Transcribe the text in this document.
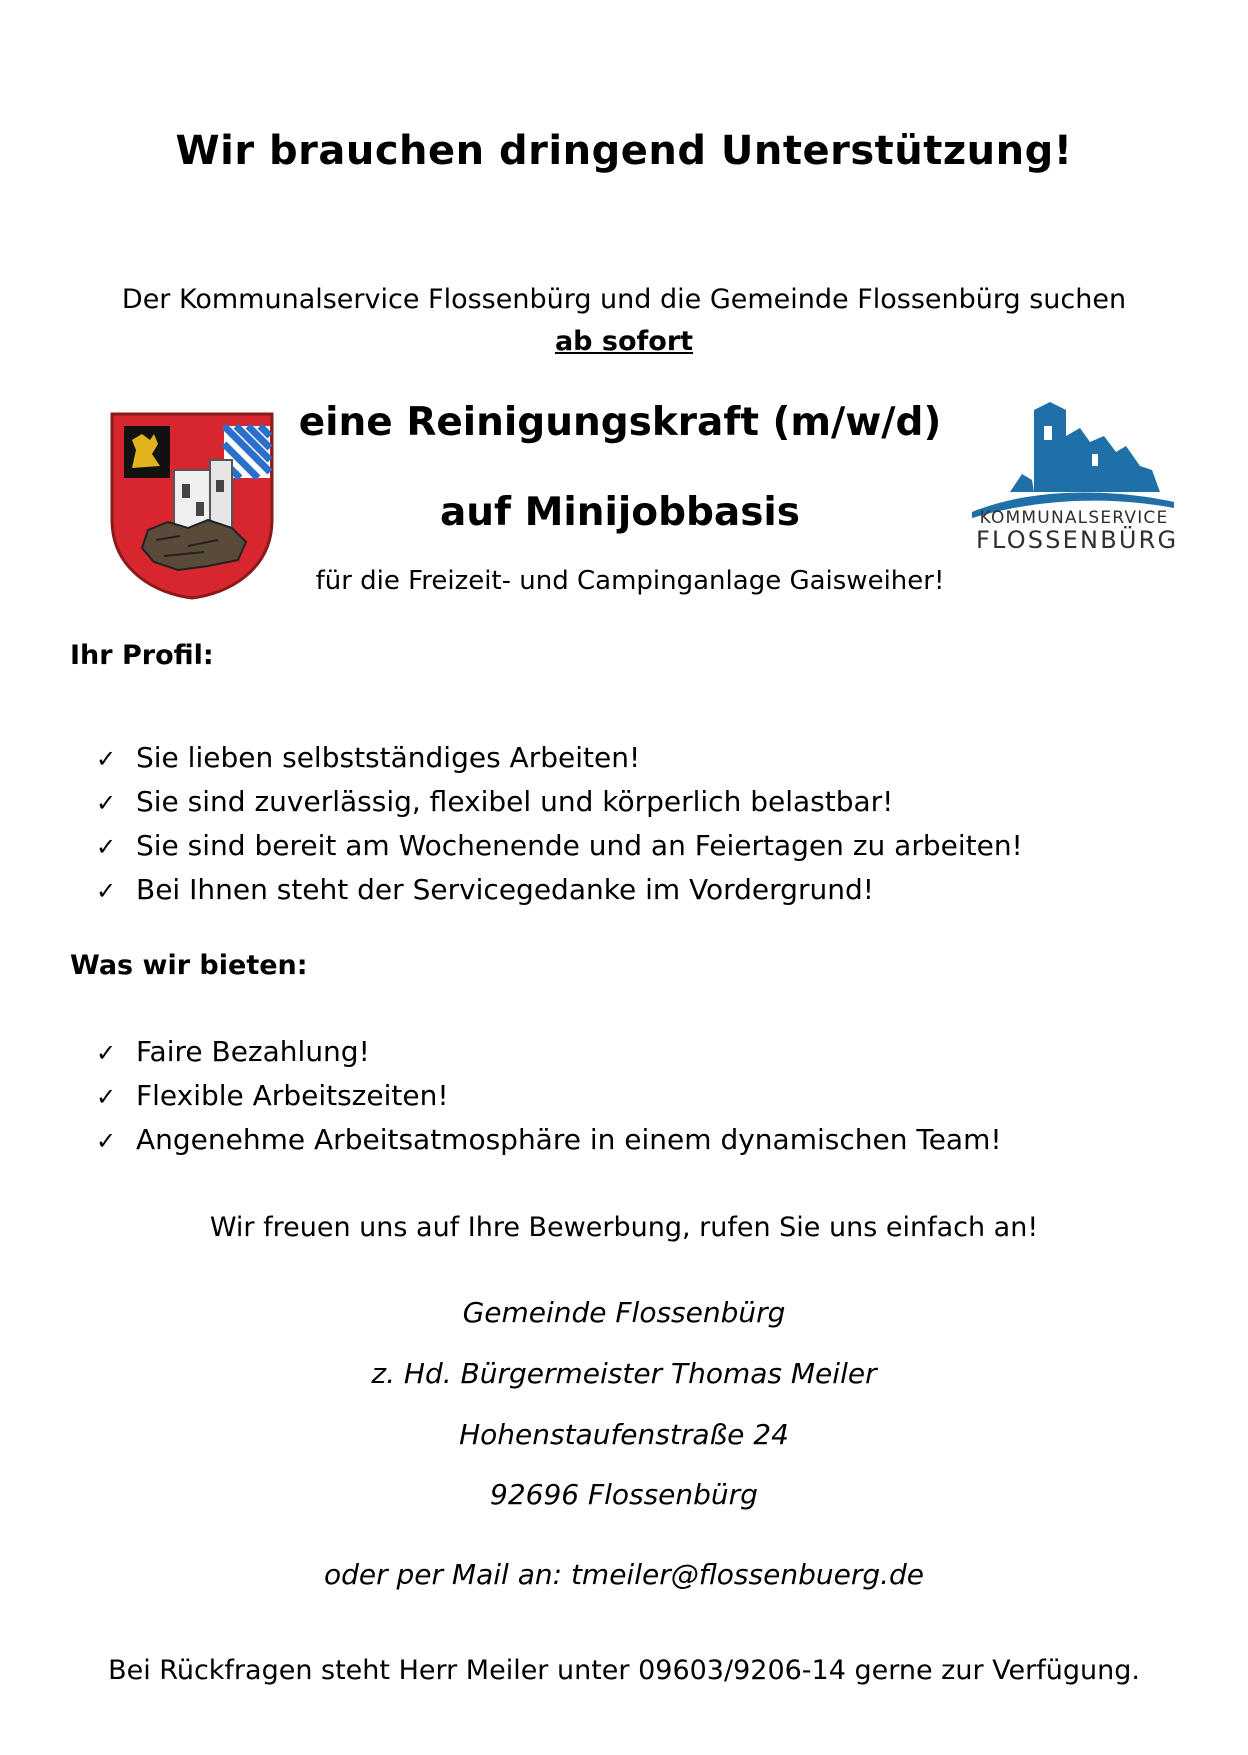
Wir brauchen dringend Unterstützung!
Der Kommunalservice Flossenbürg und die Gemeinde Flossenbürg suchen
ab sofort
eine Reinigungskraft (m/w/d)
auf Minijobbasis	KOMMUNALSERVICE
FLOSSENBÜRG
für die Freizeit- und Campinganlage Gaisweiher!
Ihr Profil:
✓ Sie lieben selbstständiges Arbeiten!
✓ Sie sind zuverlässig, flexibel und körperlich belastbar!
✓ Sie sind bereit am Wochenende und an Feiertagen zu arbeiten!
✓ Bei Ihnen steht der Servicegedanke im Vordergrund!
Was wir bieten:
✓ Faire Bezahlung!
✓ Flexible Arbeitszeiten!
✓ Angenehme Arbeitsatmosphäre in einem dynamischen Team!
Wir freuen uns auf Ihre Bewerbung, rufen Sie uns einfach an!
Gemeinde Flossenbürg
z. Hd. Bürgermeister Thomas Meiler
Hohenstaufenstraße 24
92696 Flossenbürg
oder per Mail an: tmeiler@flossenbuerg.de
Bei Rückfragen steht Herr Meiler unter 09603/9206-14 gerne zur Verfügung.
